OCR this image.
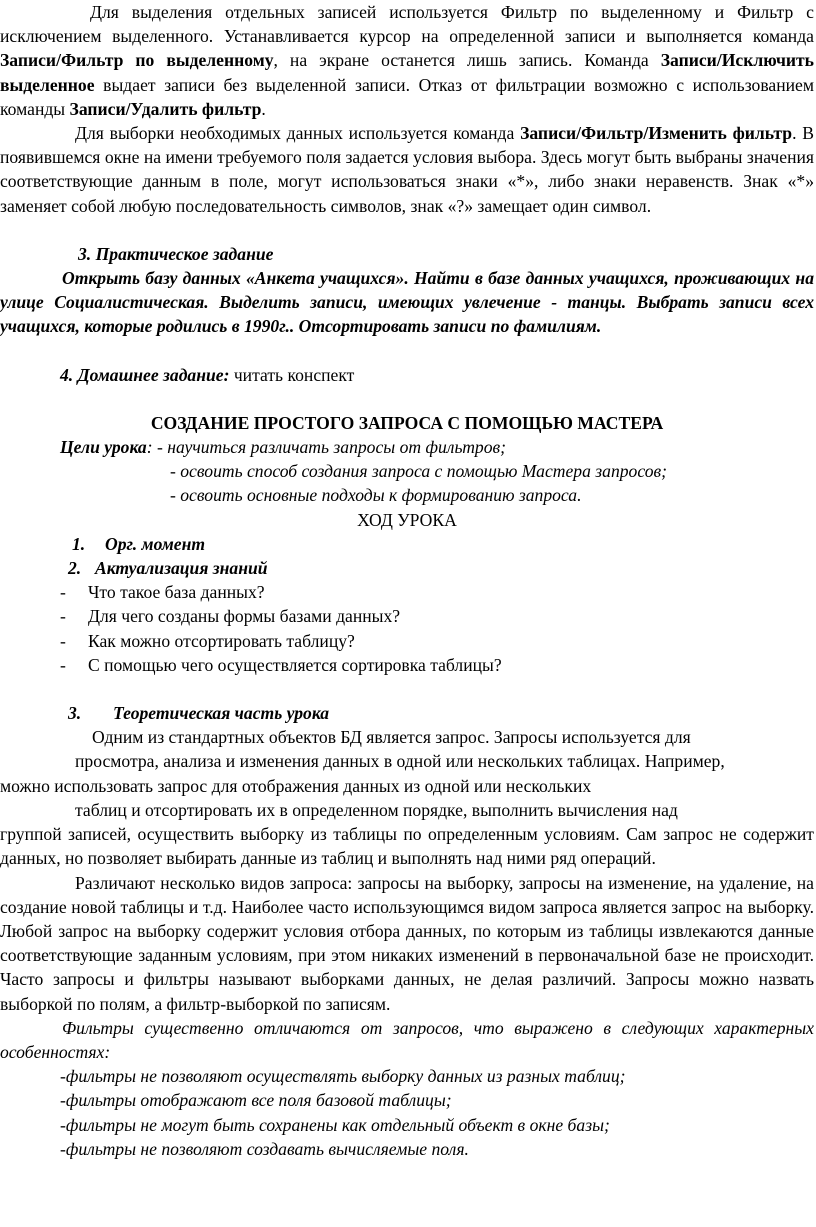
Для выделения отдельных записей используется Фильтр по выделенному и Фильтр с исключением выделенного. Устанавливается курсор на определенной записи и выполняется команда Записи/Фильтр по выделенному, на экране останется лишь запись. Команда Записи/Исключить выделенное выдает записи без выделенной записи. Отказ от фильтрации возможно с использованием команды Записи/Удалить фильтр.

Для выборки необходимых данных используется команда Записи/Фильтр/Изменить фильтр. В появившемся окне на имени требуемого поля задается условия выбора. Здесь могут быть выбраны значения соответствующие данным в поле, могут использоваться знаки «*», либо знаки неравенств. Знак «*» заменяет собой любую последовательность символов, знак «?» замещает один символ.

3. Практическое задание

Открыть базу данных «Анкета учащихся». Найти в базе данных учащихся, проживающих на улице Социалистическая. Выделить записи, имеющих увлечение - танцы. Выбрать записи всех учащихся, которые родились в 1990г.. Отсортировать записи по фамилиям.

4. Домашнее задание: читать конспект

СОЗДАНИЕ ПРОСТОГО ЗАПРОСА С ПОМОЩЬЮ МАСТЕРА

Цели урока: - научиться различать запросы от фильтров;

- освоить способ создания запроса с помощью Мастера запросов;

- освоить основные подходы к формированию запроса.

ХОД УРОКА

1. Орг. момент

2. Актуализация знаний

- Что такое база данных?

- Для чего созданы формы базами данных?

- Как можно отсортировать таблицу?

- С помощью чего осуществляется сортировка таблицы?

3. Теоретическая часть урока

Одним из стандартных объектов БД является запрос. Запросы используется для

просмотра, анализа и изменения данных в одной или нескольких таблицах. Например,

можно использовать запрос для отображения данных из одной или нескольких

таблиц и отсортировать их в определенном порядке, выполнить вычисления над

группой записей, осуществить выборку из таблицы по определенным условиям. Сам запрос не содержит данных, но позволяет выбирать данные из таблиц и выполнять над ними ряд операций.

Различают несколько видов запроса: запросы на выборку, запросы на изменение, на удаление, на создание новой таблицы и т.д. Наиболее часто использующимся видом запроса является запрос на выборку. Любой запрос на выборку содержит условия отбора данных, по которым из таблицы извлекаются данные соответствующие заданным условиям, при этом никаких изменений в первоначальной базе не происходит. Часто запросы и фильтры называют выборками данных, не делая различий. Запросы можно назвать выборкой по полям, а фильтр-выборкой по записям.

Фильтры существенно отличаются от запросов, что выражено в следующих характерных особенностях:

-фильтры не позволяют осуществлять выборку данных из разных таблиц;

-фильтры отображают все поля базовой таблицы;

-фильтры не могут быть сохранены как отдельный объект в окне базы;

-фильтры не позволяют создавать вычисляемые поля.
